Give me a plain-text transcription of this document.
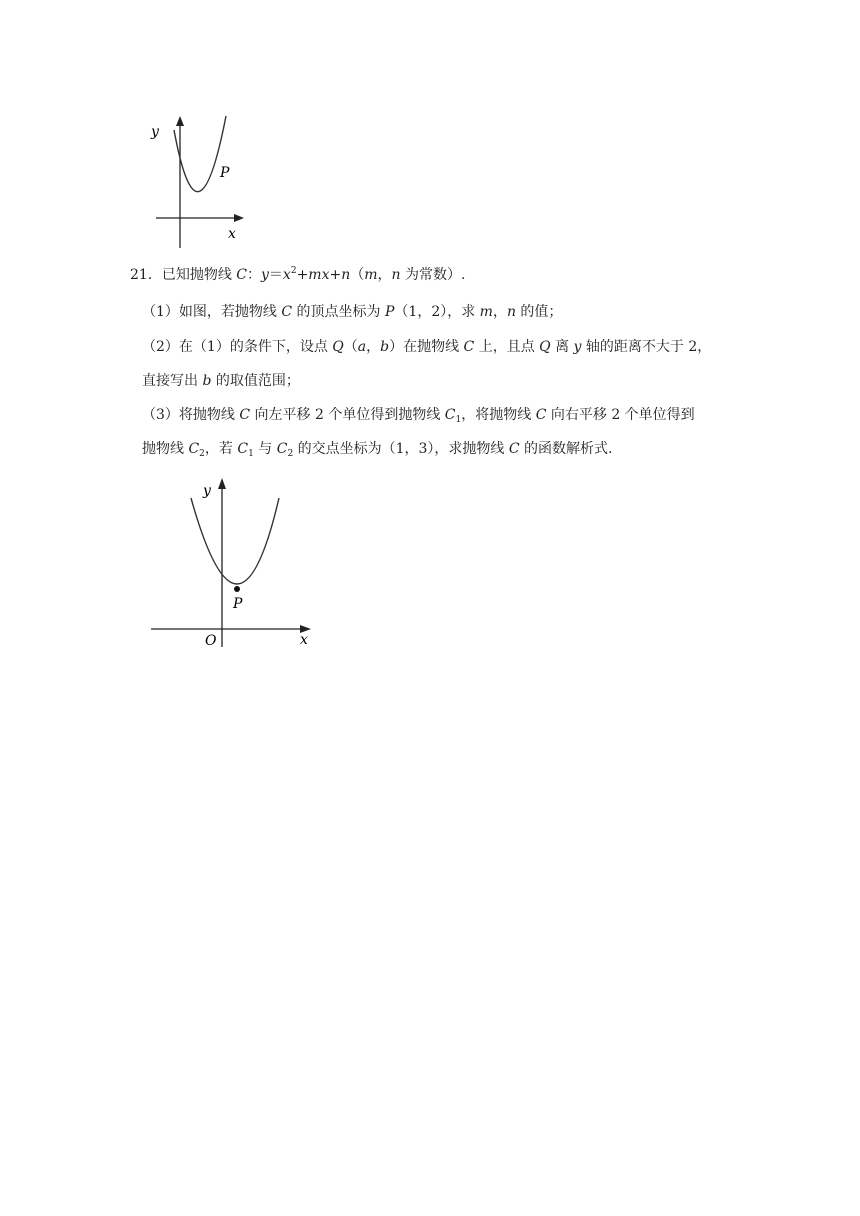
y
x
P
21．已知抛物线 C：$y=x^2+mx+n(m$，n 为常数）.
（1）如图，若抛物线 C 的顶点坐标为 P（1，2），求 m，n 的值；
（2）在（1）的条件下，设点 Q（a，b）在抛物线 C 上，且点 Q 离 y 轴的距离不大于 2，
直接写出 b 的取值范围；
（3）将抛物线 C 向左平移 2 个单位得到抛物线 $C_1$，将抛物线 C 向右平移 2 个单位得到
抛物线 $C_2$，若 $C_1$ 与 $C_2$ 的交点坐标为（1，3），求抛物线 C 的函数解析式.
y
x
O
P
